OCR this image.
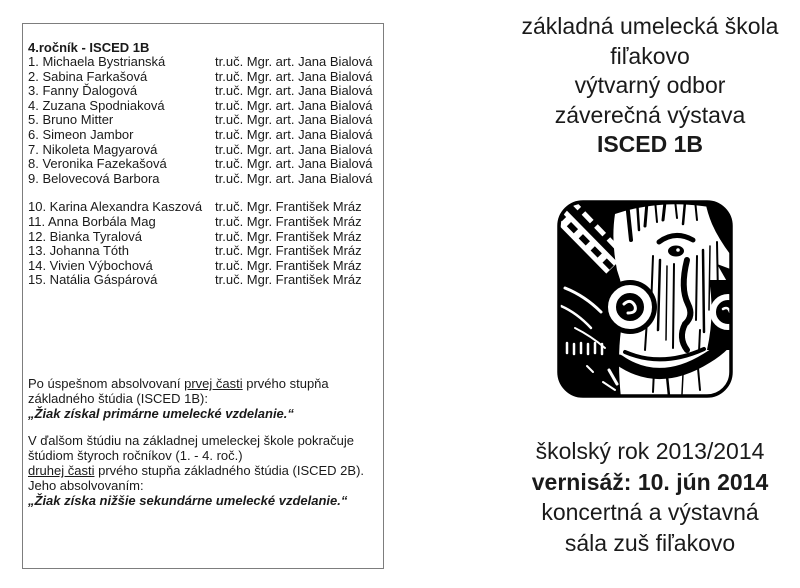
4.ročník - ISCED 1B
1. Michaela Bystrianská	tr.uč. Mgr. art. Jana Bialová
2. Sabina Farkašová	tr.uč. Mgr. art. Jana Bialová
3. Fanny Ďalogová	tr.uč. Mgr. art. Jana Bialová
4. Zuzana Spodniaková	tr.uč. Mgr. art. Jana Bialová
5. Bruno Mitter	tr.uč. Mgr. art. Jana Bialová
6. Simeon Jambor	tr.uč. Mgr. art. Jana Bialová
7. Nikoleta Magyarová	tr.uč. Mgr. art. Jana Bialová
8. Veronika Fazekašová	tr.uč. Mgr. art. Jana Bialová
9. Belovecová Barbora	tr.uč. Mgr. art. Jana Bialová
10. Karina Alexandra Kaszová tr.uč. Mgr. František Mráz
11. Anna Borbála Mag	tr.uč. Mgr. František Mráz
12. Bianka Tyralová	tr.uč. Mgr. František Mráz
13. Johanna Tóth	tr.uč. Mgr. František Mráz
14. Vivien Výbochová	tr.uč. Mgr. František Mráz
15. Natália Gáspárová	tr.uč. Mgr. František Mráz

Po úspešnom absolvovaní prvej časti prvého stupňa
základného štúdia (ISCED 1B):
„Žiak získal primárne umelecké vzdelanie.“

V ďalšom štúdiu na základnej umeleckej škole pokračuje
štúdiom štyroch ročníkov (1. - 4. roč.)
druhej časti prvého stupňa základného štúdia (ISCED 2B).
Jeho absolvovaním:
„Žiak získa nižšie sekundárne umelecké vzdelanie.“

základná umelecká škola
fiľakovo
výtvarný odbor
záverečná výstava
ISCED 1B
školský rok 2013/2014
vernisáž: 10. jún 2014
koncertná a výstavná
sála zuš fiľakovo
